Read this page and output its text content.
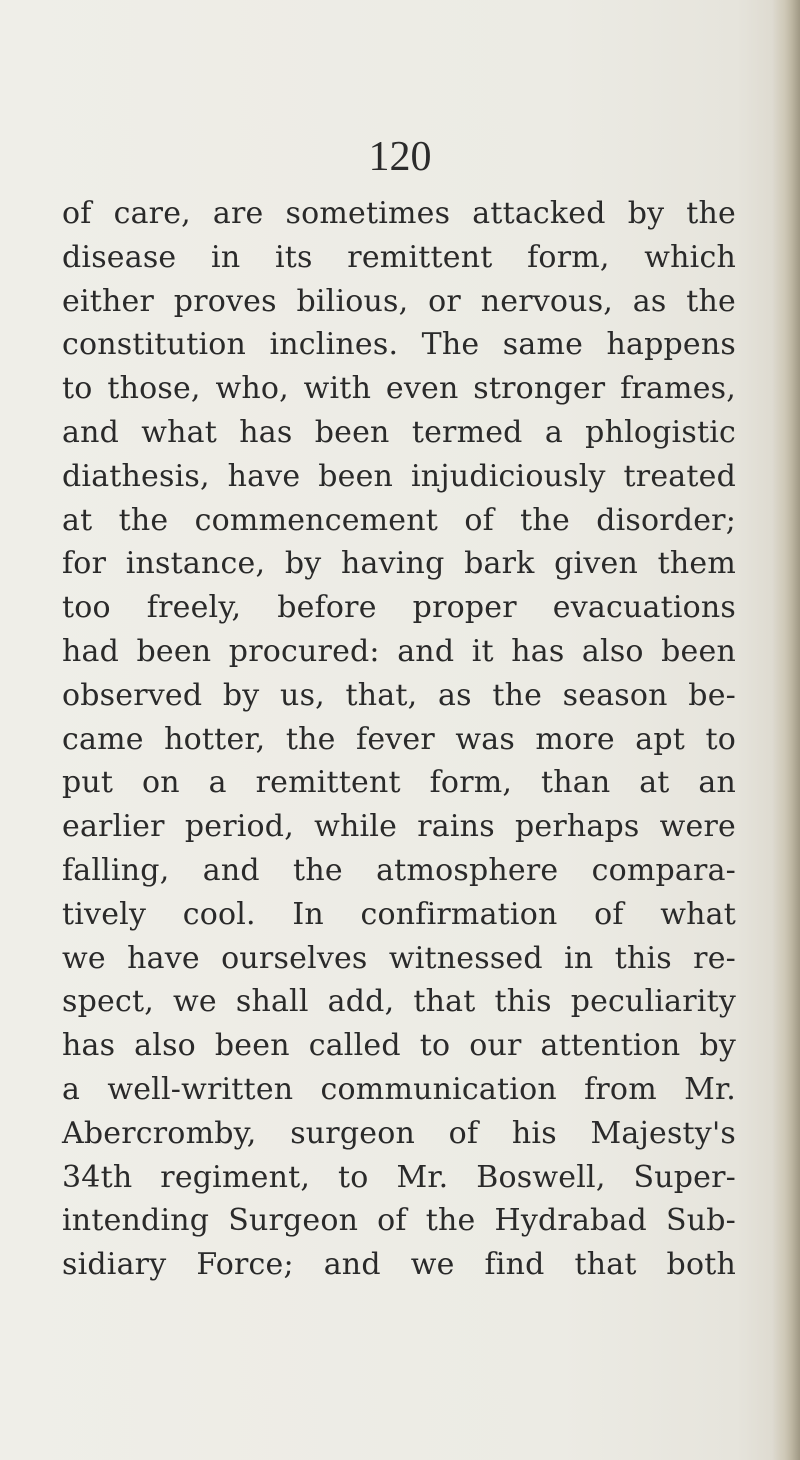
120
of care, are sometimes attacked by the
disease in its remittent form, which
either proves bilious, or nervous, as the
constitution inclines. The same happens
to those, who, with even stronger frames,
and what has been termed a phlogistic
diathesis, have been injudiciously treated
at the commencement of the disorder;
for instance, by having bark given them
too freely, before proper evacuations
had been procured: and it has also been
observed by us, that, as the season be-
came hotter, the fever was more apt to
put on a remittent form, than at an
earlier period, while rains perhaps were
falling, and the atmosphere compara-
tively cool. In confirmation of what
we have ourselves witnessed in this re-
spect, we shall add, that this peculiarity
has also been called to our attention by
a well-written communication from Mr.
Abercromby, surgeon of his Majesty's
34th regiment, to Mr. Boswell, Super-
intending Surgeon of the Hydrabad Sub-
sidiary Force; and we find that both
